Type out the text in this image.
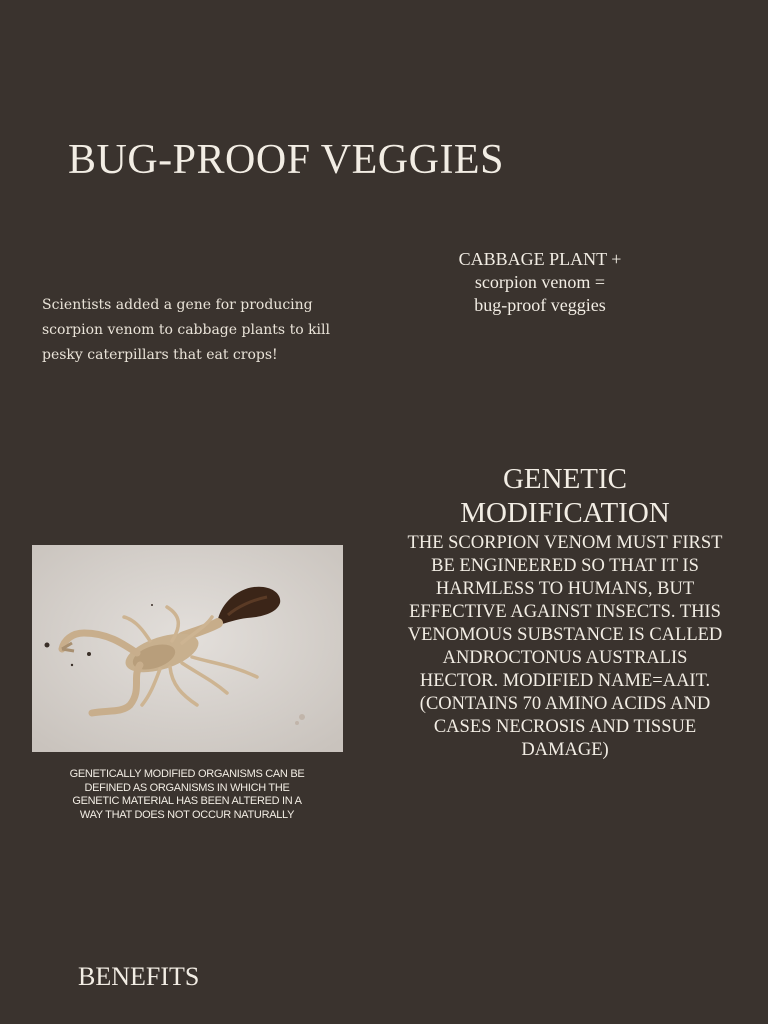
BUG-PROOF VEGGIES
CABBAGE PLANT +
scorpion venom =
bug-proof veggies
Scientists added a gene for producing scorpion venom to cabbage plants to kill pesky caterpillars that eat crops!
GENETIC
MODIFICATION
THE SCORPION VENOM MUST FIRST BE ENGINEERED SO THAT IT IS HARMLESS TO HUMANS, BUT EFFECTIVE AGAINST INSECTS. THIS VENOMOUS SUBSTANCE IS CALLED ANDROCTONUS AUSTRALIS HECTOR. MODIFIED NAME=AAIT. (CONTAINS 70 AMINO ACIDS AND CASES NECROSIS AND TISSUE DAMAGE)
GENETICALLY MODIFIED ORGANISMS CAN BE DEFINED AS ORGANISMS IN WHICH THE GENETIC MATERIAL HAS BEEN ALTERED IN A WAY THAT DOES NOT OCCUR NATURALLY
BENEFITS
